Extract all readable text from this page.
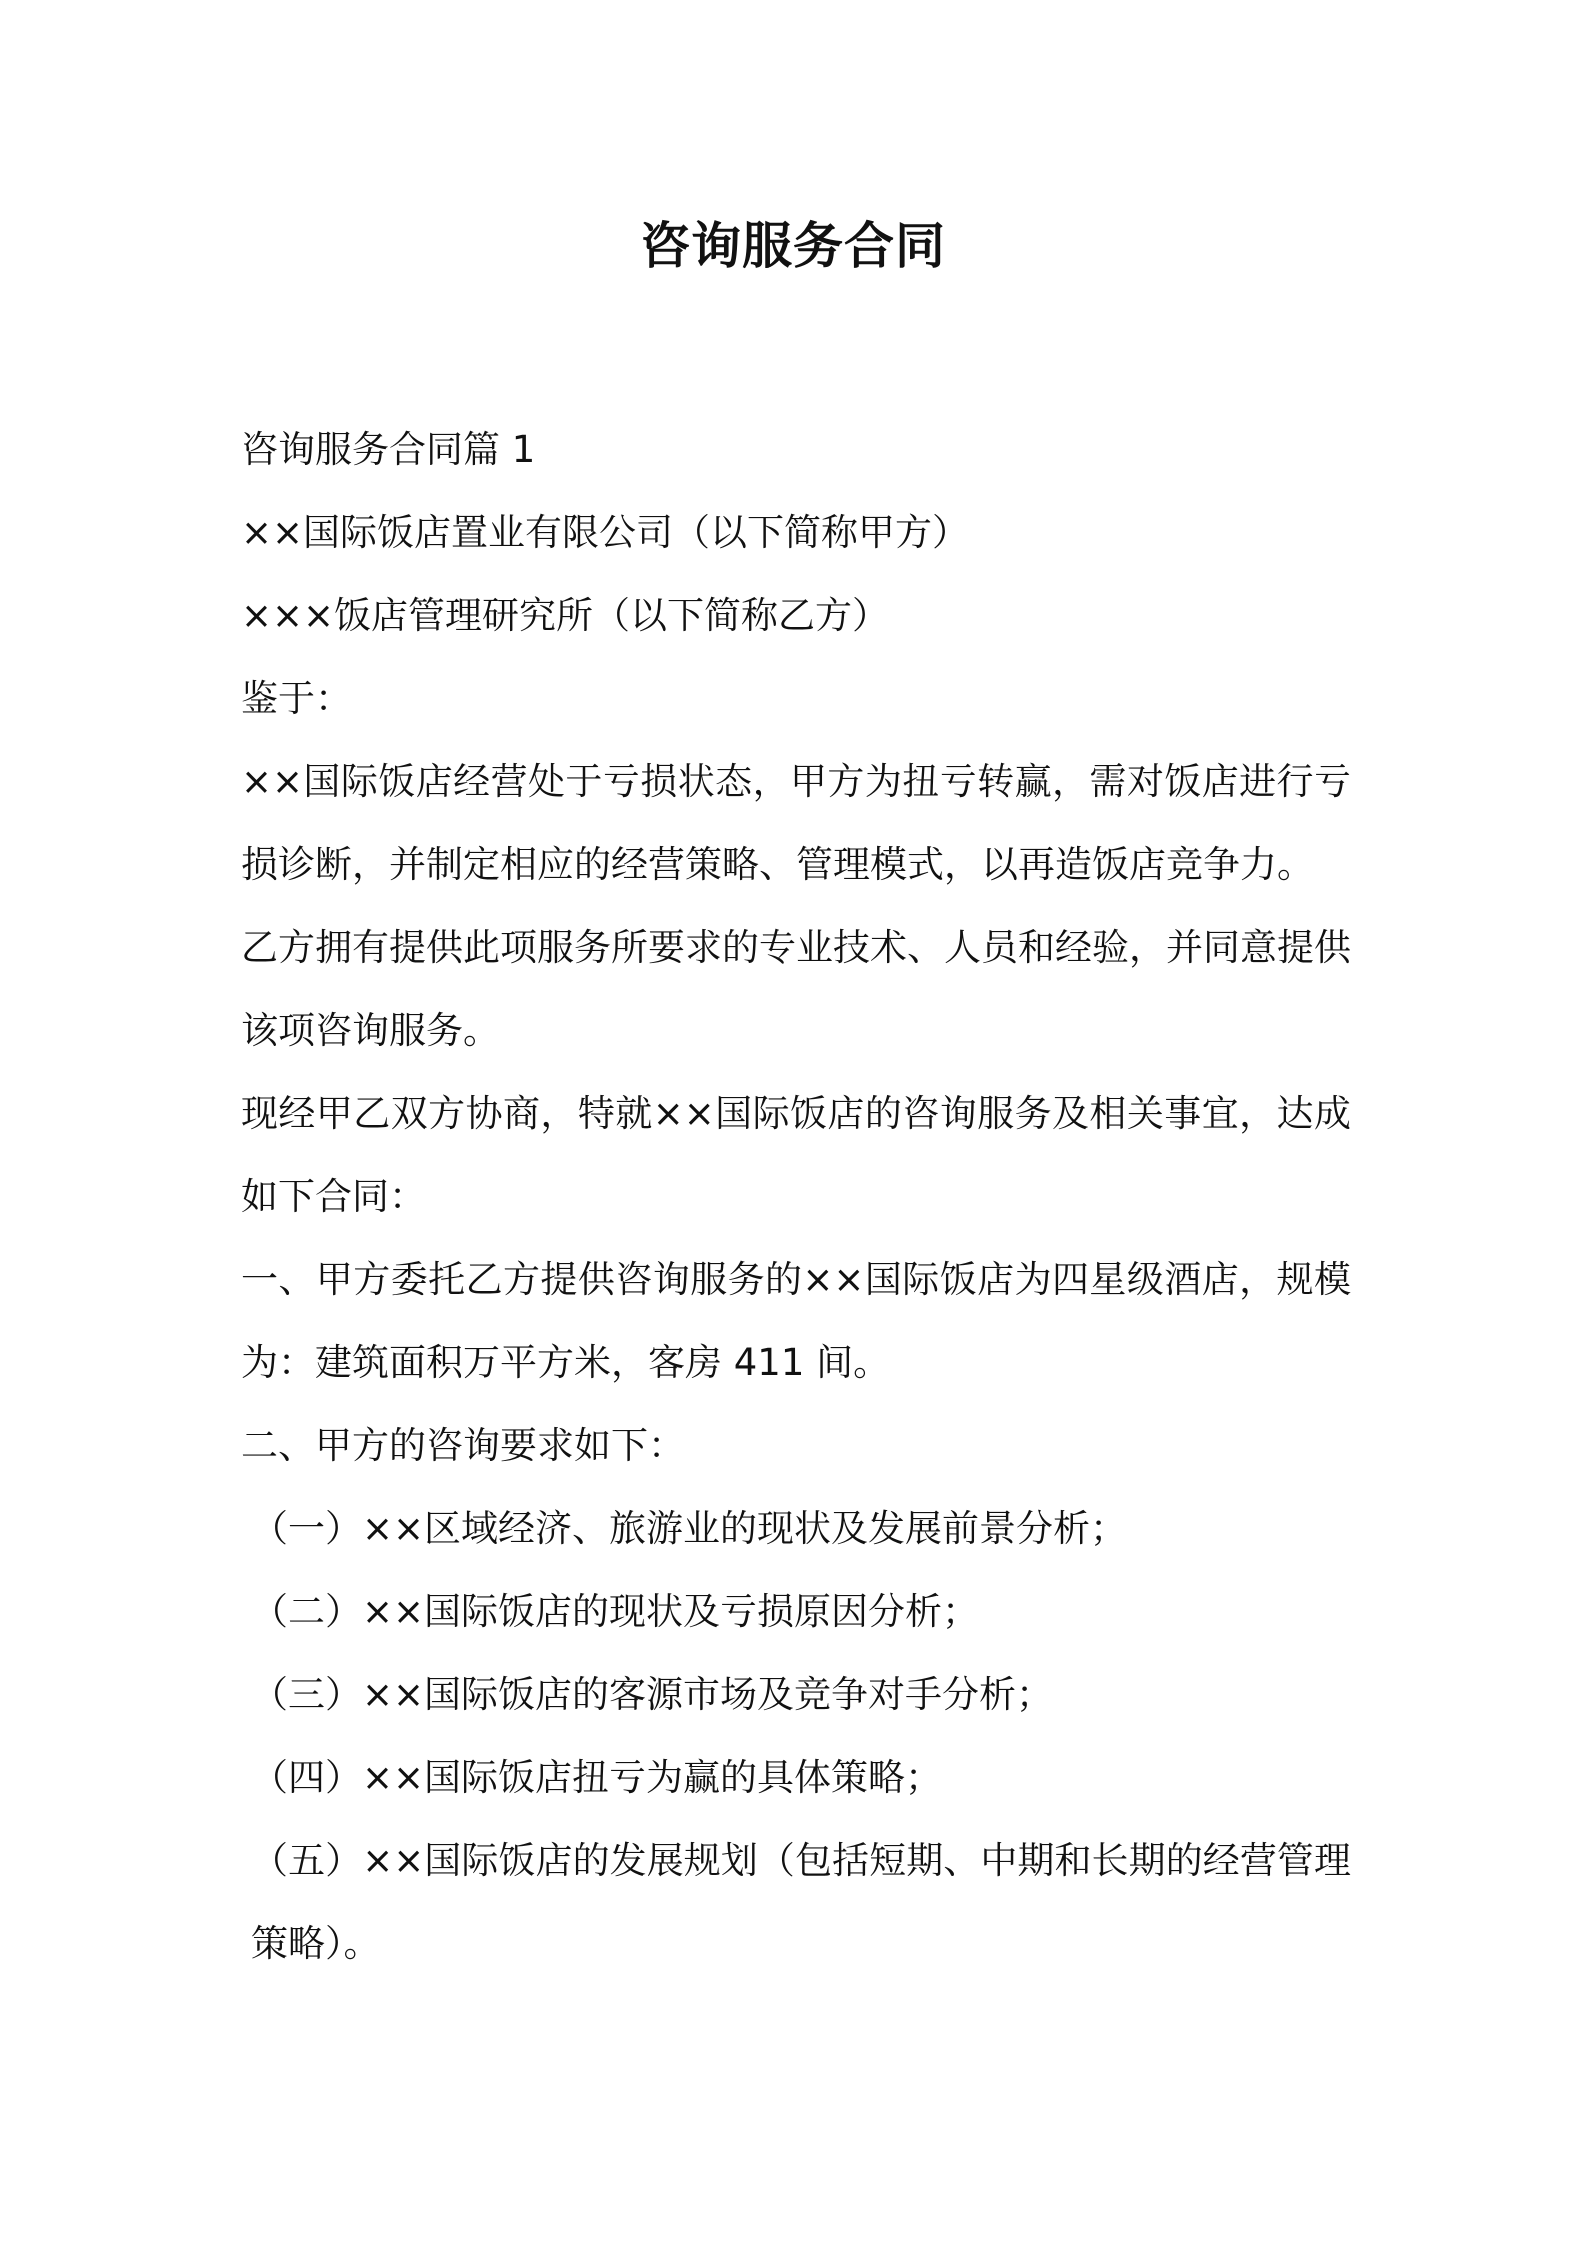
咨询服务合同

咨询服务合同篇 1

××国际饭店置业有限公司（以下简称甲方）

×××饭店管理研究所（以下简称乙方）

鉴于：

××国际饭店经营处于亏损状态，甲方为扭亏转赢，需对饭店进行亏损诊断，并制定相应的经营策略、管理模式，以再造饭店竞争力。

乙方拥有提供此项服务所要求的专业技术、人员和经验，并同意提供该项咨询服务。

现经甲乙双方协商，特就××国际饭店的咨询服务及相关事宜，达成如下合同：

一、甲方委托乙方提供咨询服务的××国际饭店为四星级酒店，规模为：建筑面积万平方米，客房 411 间。

二、甲方的咨询要求如下：

（一）××区域经济、旅游业的现状及发展前景分析；

（二）××国际饭店的现状及亏损原因分析；

（三）××国际饭店的客源市场及竞争对手分析；

（四）××国际饭店扭亏为赢的具体策略；

（五）××国际饭店的发展规划（包括短期、中期和长期的经营管理策略）。
